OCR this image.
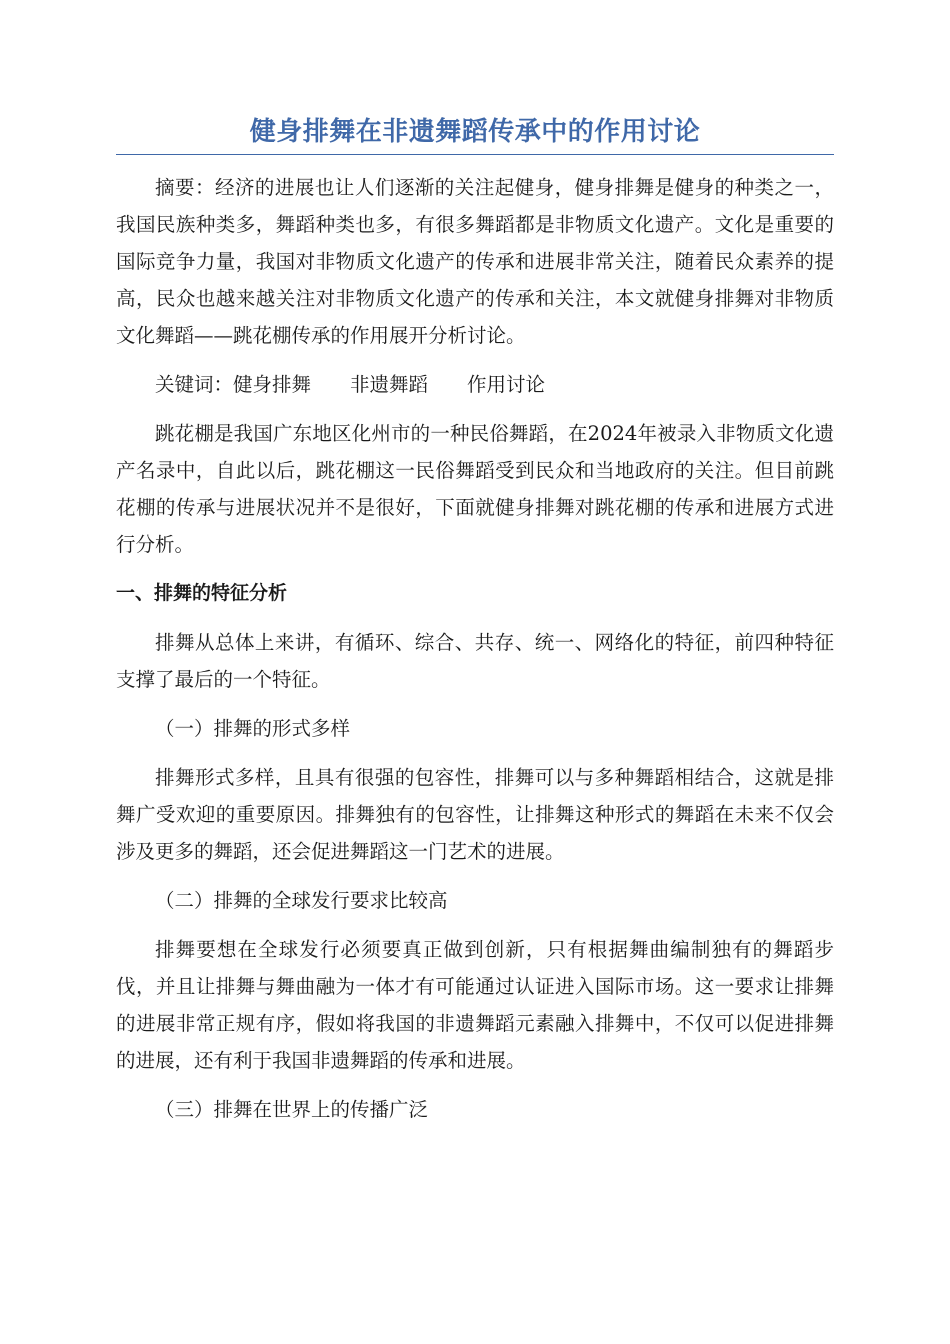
健身排舞在非遗舞蹈传承中的作用讨论

摘要：经济的进展也让人们逐渐的关注起健身，健身排舞是健身的种类之一，我国民族种类多，舞蹈种类也多，有很多舞蹈都是非物质文化遗产。文化是重要的国际竞争力量，我国对非物质文化遗产的传承和进展非常关注，随着民众素养的提高，民众也越来越关注对非物质文化遗产的传承和关注，本文就健身排舞对非物质文化舞蹈——跳花棚传承的作用展开分析讨论。

关键词：健身排舞　　非遗舞蹈　　作用讨论

跳花棚是我国广东地区化州市的一种民俗舞蹈，在2024年被录入非物质文化遗产名录中，自此以后，跳花棚这一民俗舞蹈受到民众和当地政府的关注。但目前跳花棚的传承与进展状况并不是很好，下面就健身排舞对跳花棚的传承和进展方式进行分析。

一、排舞的特征分析

排舞从总体上来讲，有循环、综合、共存、统一、网络化的特征，前四种特征支撑了最后的一个特征。

（一）排舞的形式多样

排舞形式多样，且具有很强的包容性，排舞可以与多种舞蹈相结合，这就是排舞广受欢迎的重要原因。排舞独有的包容性，让排舞这种形式的舞蹈在未来不仅会涉及更多的舞蹈，还会促进舞蹈这一门艺术的进展。

（二）排舞的全球发行要求比较高

排舞要想在全球发行必须要真正做到创新，只有根据舞曲编制独有的舞蹈步伐，并且让排舞与舞曲融为一体才有可能通过认证进入国际市场。这一要求让排舞的进展非常正规有序，假如将我国的非遗舞蹈元素融入排舞中，不仅可以促进排舞的进展，还有利于我国非遗舞蹈的传承和进展。

（三）排舞在世界上的传播广泛
